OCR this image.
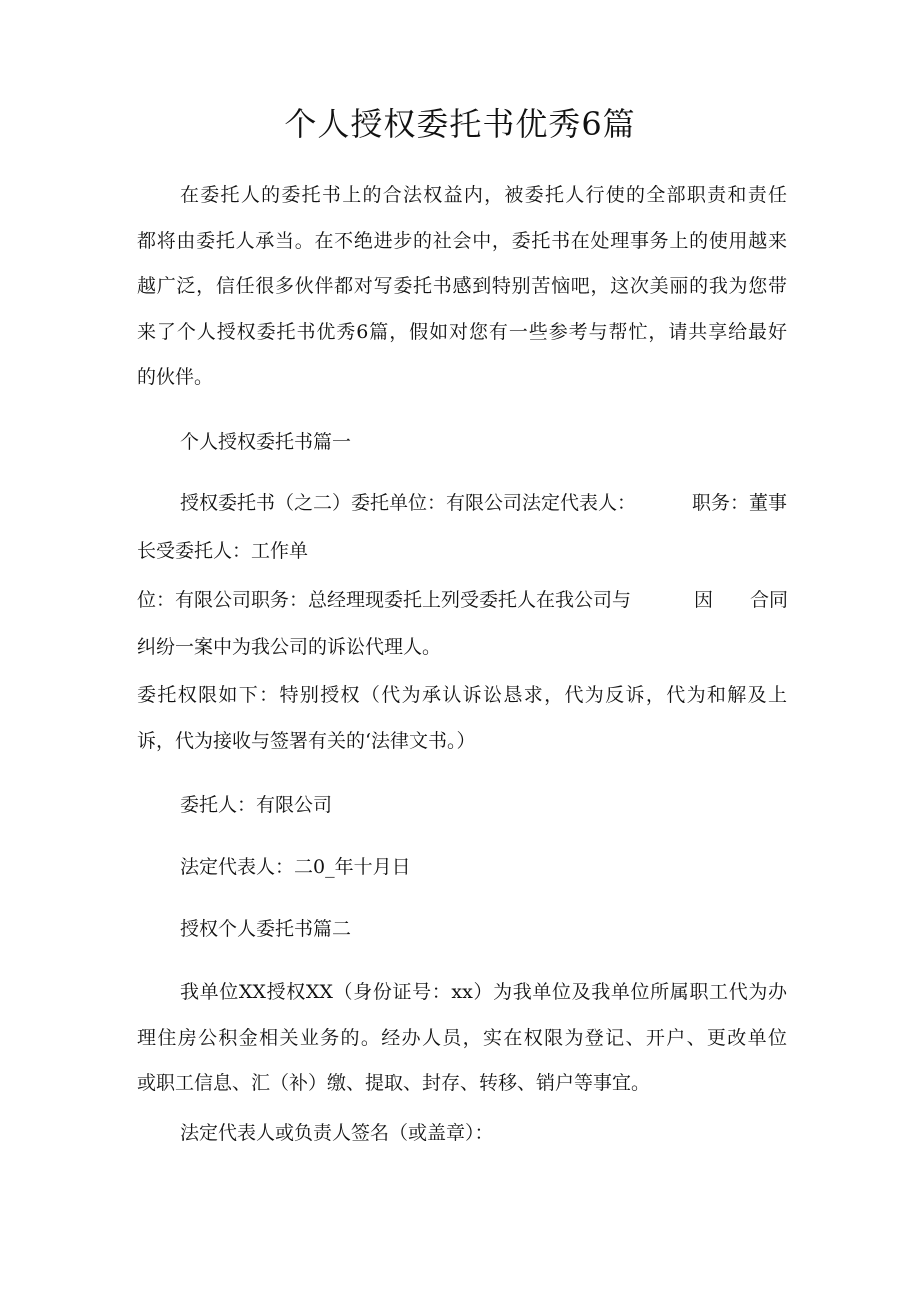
个人授权委托书优秀6篇
在委托人的委托书上的合法权益内，被委托人行使的全部职责和责任
都将由委托人承当。在不绝进步的社会中，委托书在处理事务上的使用越来
越广泛，信任很多伙伴都对写委托书感到特别苦恼吧，这次美丽的我为您带
来了个人授权委托书优秀6篇，假如对您有一些参考与帮忙，请共享给最好
的伙伴。
个人授权委托书篇一
授权委托书（之二）委托单位：有限公司法定代表人：	职务：董事
长受委托人：工作单
位：有限公司职务：总经理现委托上列受委托人在我公司与	因 合同
纠纷一案中为我公司的诉讼代理人。
委托权限如下：特别授权（代为承认诉讼恳求，代为反诉，代为和解及上
诉，代为接收与签署有关的‘法律文书。）
委托人：有限公司
法定代表人：二0_年十月日
授权个人委托书篇二
我单位XX授权XX（身份证号：xx）为我单位及我单位所属职工代为办
理住房公积金相关业务的。经办人员，实在权限为登记、开户、更改单位
或职工信息、汇（补）缴、提取、封存、转移、销户等事宜。
法定代表人或负责人签名（或盖章）：
